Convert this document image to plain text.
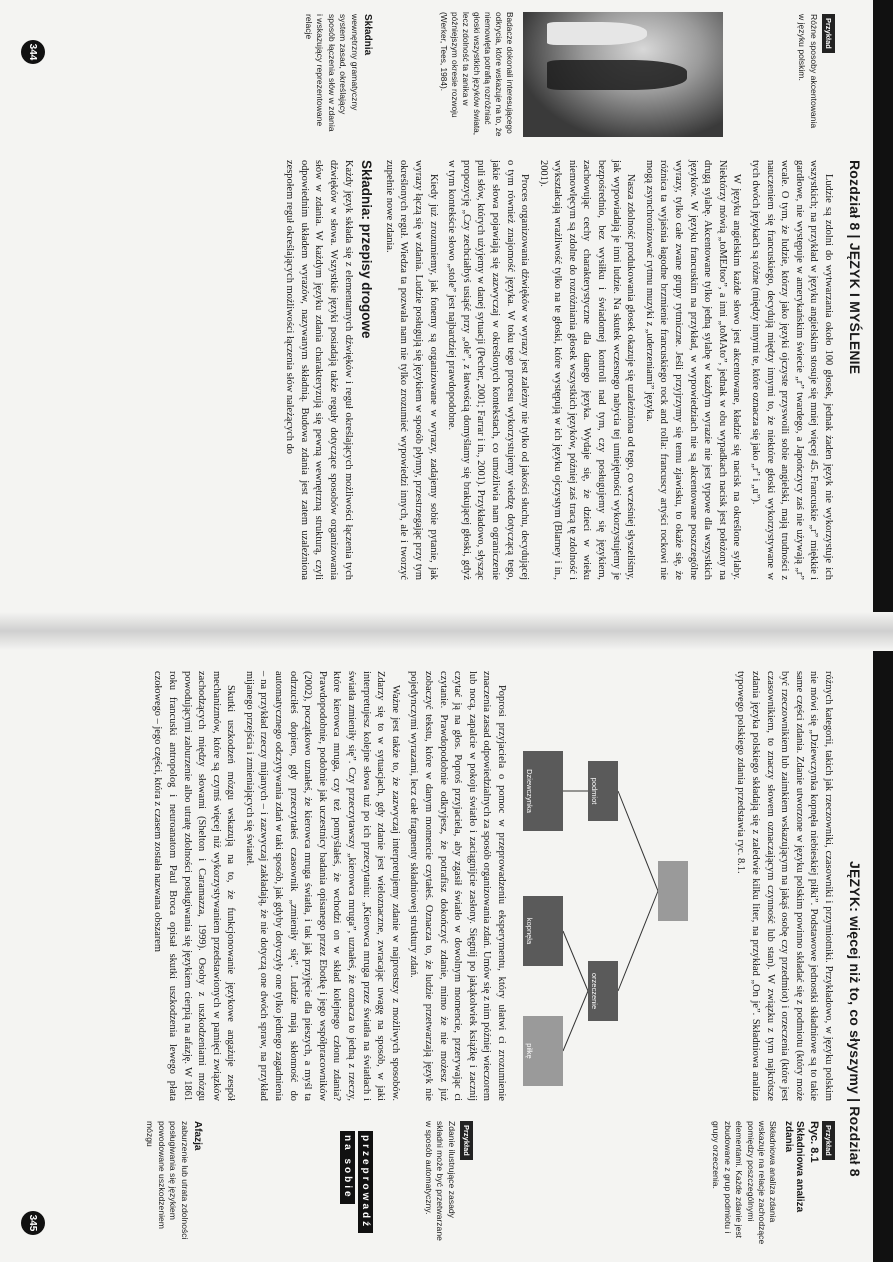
Rozdział 8 | JĘZYK I MYŚLENIE
Przykład

Różne sposoby akcentowania w języku polskim.

Badacze dokonali interesującego odkrycia, które wskazuje na to, że niemowlęta potrafią rozróżniać głoski wszystkich języków świata, lecz zdolność ta zanika w późniejszym okresie rozwoju (Werker, Tees, 1984).
Składnia

wewnętrzny gramatyczny system zasad, określający sposób łączenia słów w zdania i wskazujący reprezentowane relacje

Ludzie są zdolni do wytwarzania około 100 głosek, jednak żaden język nie wykorzystuje ich wszystkich; na przykład w języku angielskim stosuje się mniej więcej 45. Francuskie „r” miękkie i gardłowe, nie występuje w amerykańskim świecie „r” twardego, a Japończycy zaś nie używają „r” wcale. O tym, że ludzie, którzy jako języki ojczyste przyswoili sobie angielski, mają trudności z nauczeniem się francuskiego, decydują między innymi to, że niektóre głoski wykorzystywane w tych dwóch językach są różne (między innymi te, które oznacza się jako „r” i „u”).

W języku angielskim każde słowo jest akcentowane, kładzie się nacisk na określone sylaby. Niektórzy mówią „toMEJtoo”, a inni „toMAto”, jednak w obu wypadkach nacisk jest położony na drugą sylabę. Akcentowane tylko jedną sylabę w każdym wyrazie nie jest typowe dla wszystkich języków. W języku francuskim na przykład, w wypowiedziach nie są akcentowane poszczególne wyrazy, tylko całe zwane grupy rytmiczne. Jeśli przyjrzymy się temu zjawisku, to okaże się, że różnica ta wyjaśnia łagodne brzmienie francuskiego rock and rolla: francuscy artyści rockowi nie mogą zsynchronizować rytmu muzyki z „uderzeniami” języka.

Nasza zdolność produkowania głosek okazuje się uzależniona od tego, co wcześniej słyszeliśmy, jak wypowiadają je inni ludzie. Na skutek wczesnego nabycia tej umiejętności wykorzystujemy je bezpośrednio, bez wysiłku i świadomej kontroli nad tym, czy posługujemy się językiem, zachowując cechy charakterystyczne dla danego języka. Wydaje się, że dzieci w wieku niemowlęcym są zdolne do rozróżniania głosek wszystkich języków, później zaś tracą tę zdolność i wykształcają wrażliwość tylko na te głoski, które występują w ich języku ojczystym (Blarney i in., 2001).

Proces organizowania dźwięków w wyrazy jest zależny nie tylko od jakości słuchu, decydującej o tym również znajomość języka. W toku tego procesu wykorzystujemy wiedzę dotyczącą tego, jakie słowa pojawiają się zazwyczaj w określonych kontekstach, co umożliwia nam ograniczenie puli słów, których użyjemy w danej sytuacji (Pecher, 2001; Farrar i in., 2001). Przykładowo, słysząc propozycję „Czy zechciałbyś usiąść przy „ole”, z łatwością domyślamy się brakującej głoski, gdyż w tym kontekście słowo „stole” jest najbardziej prawdopodobne.

Kiedy już zrozumiemy, jak fonemy są organizowane w wyrazy, zadajemy sobie pytanie, jak wyrazy łączą się w zdania. Ludzie posługują się językiem w sposób płynny, przestrzegając przy tym określonych reguł. Wiedza ta pozwala nam nie tylko zrozumieć wypowiedzi innych, ale i tworzyć zupełnie nowe zdania.

Składnia: przepisy drogowe

Każdy język składa się z elementarnych dźwięków i reguł określających możliwości łączenia tych dźwięków w słowa. Wszystkie języki posiadają także reguły dotyczące sposobów organizowania słów w zdania. W każdym języku zdania charakteryzują się pewną wewnętrzną strukturą, czyli odpowiednim układem wyrazów, nazywanym składnią. Budowa zdania jest zatem uzależniona zespołem reguł określających możliwości łączenia słów należących do

344
JĘZYK: więcej niż to, co słyszymy | Rozdział 8

różnych kategorii, takich jak rzeczowniki, czasowniki i przymiotniki. Przykładowo, w języku polskim nie mówi się „Dziewczynka kopnęła niebieskiej piłki”. Podstawowe jednostki składniowe są to takie same części zdania. Zdanie utworzone w języku polskim powinno składać się z podmiotu (który może być rzeczownikiem lub zaimkiem wskazującym na jakąś osobę czy przedmiot) i orzeczenia (które jest czasownikiem, to znaczy słowem oznaczającym czynność lub stan). W związku z tym najkrótsze zdania języka polskiego składają się z zaledwie kilku liter, na przykład „On je”. Składniowa analiza typowego polskiego zdania przedstawia ryc. 8.1.

podmiot
orzeczenie
Dziewczynka
kopnęła
piłkę

Poprosi przyjaciela o pomoc w przeprowadzeniu eksperymentu, który ułatwi ci zrozumienie znaczenia zasad odpowiedzialnych za sposób organizowania zdań. Umów się z nim później wieczorem lub nocą, zapalcie w pokoju światło i zaciągnijcie zasłony. Sięgnij po jakąkolwiek książkę i zacznij czytać ją na głos. Poproś przyjaciela, aby zgasił światło w dowolnym momencie, przerywając ci czytanie. Prawdopodobnie odkryjesz, że potrafisz dokończyć zdanie, mimo że nie możesz już zobaczyć tekstu, które w danym momencie czytałeś. Oznacza to, że ludzie przetwarzają język nie pojedynczymi wyrazami, lecz całe fragmenty składniowej struktury zdań.

Ważne jest także to, że zazwyczaj interpretujemy zdanie w najprostszy z możliwych sposobów. Zdarzy się to w sytuacjach, gdy zdanie jest wieloznaczne, zwracając uwagę na sposób, w jaki interpretujesz kolejne słowa tuż po ich przeczytaniu: „Kierowca mruga przez światła na światłach i światła zmieniły się”. Czy przeczytawszy „kierowca mruga”, uznałeś, że oznacza to jedną z rzeczy, które kierowca mruga, czy też pomyślałeś, że wchodzi on w skład kolejnego członu zdania? Prawdopodobnie, podobnie jak uczestnicy badania opisanego przez Ebotkę i jego współpracowników (2002), początkowo uznałeś, że kierowca mruga światła, i tak jak przyjęcie dla pieszych, a myśl ta odrzuciłeś dopiero, gdy przeczytałeś czasownik „zmieniły się”. Ludzie mają skłonność do automatycznego odczytywania zdań w taki sposób, jak gdyby dotyczyły one tylko jednego zagadnienia – na przykład rzeczy mijanych – i zazwyczaj zakładają, że nie dotyczą one dwóch spraw, na przykład mijanego przejścia i zmieniających się świateł.

Skutki uszkodzeń mózgu wskazują na to, że funkcjonowanie językowe angażuje zespół mechanizmów, które są czymś więcej niż wykorzystywaniem przedstawionych w pamięci związków zachodzących między słowami (Shelton i Caramazza, 1999). Osoby z uszkodzeniami mózgu powodującymi zaburzenie albo utratę zdolności posługiwania się językiem cierpią na afazję. W 1861 roku francuski antropolog i neuroanatom Paul Broca opisał skutki uszkodzenia lewego płata czołowego – jego części, która z czasem została nazwana obszarem

Przykład
Ryc. 8.1
Składniowa analiza zdania

Składniowa analiza zdania wskazuje na relacje zachodzące pomiędzy poszczególnymi elementami. Każde zdanie jest zbudowane z grup podmiotu i grupy orzeczenia.

Przykład

Zdanie ilustrujące zasady składni może być przetwarzane w sposób automatyczny.

przeprowadź
na sobie
Afazja

zaburzenie lub utrata zdolności posługiwania się językiem powodowane uszkodzeniem mózgu

345
